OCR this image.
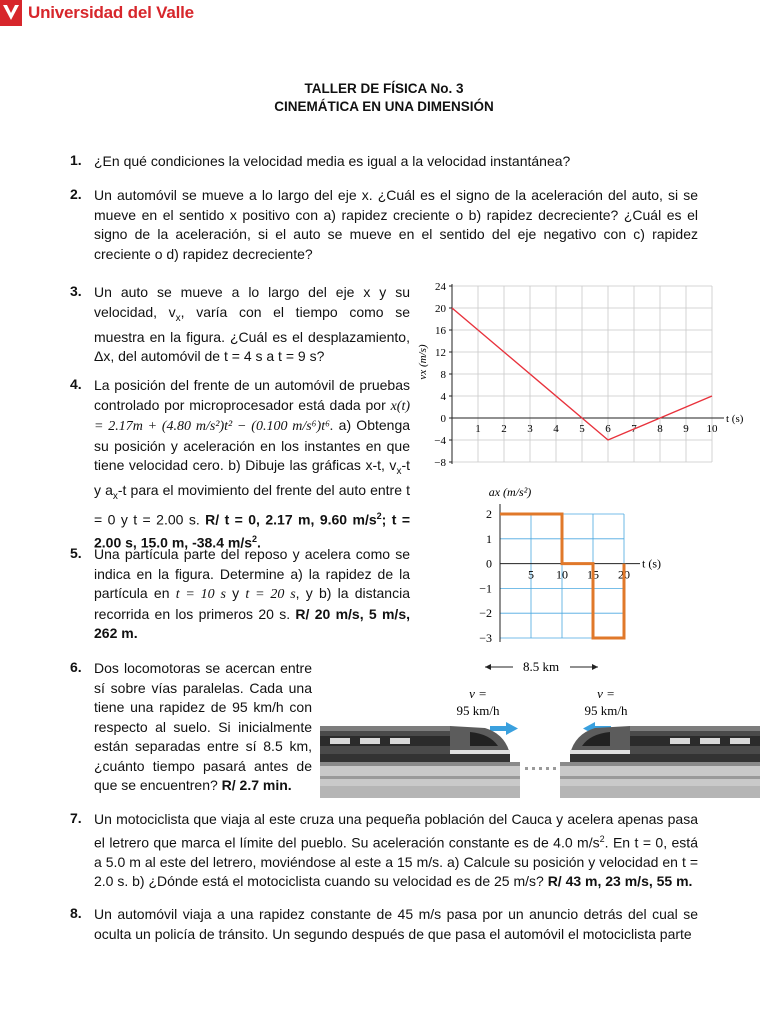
Universidad del Valle
TALLER DE FÍSICA No. 3
CINEMÁTICA EN UNA DIMENSIÓN
1. ¿En qué condiciones la velocidad media es igual a la velocidad instantánea?
2. Un automóvil se mueve a lo largo del eje x. ¿Cuál es el signo de la aceleración del auto, si se mueve en el sentido x positivo con a) rapidez creciente o b) rapidez decreciente? ¿Cuál es el signo de la aceleración, si el auto se mueve en el sentido del eje negativo con c) rapidez creciente o d) rapidez decreciente?
3. Un auto se mueve a lo largo del eje x y su velocidad, $v_x$, varía con el tiempo como se muestra en la figura. ¿Cuál es el desplazamiento, Δx, del automóvil de t = 4 s a t = 9 s?
4. La posición del frente de un automóvil de pruebas controlado por microprocesador está dada por x(t) = 2.17m + (4.80 m/s²)t² − (0.100 m/s⁶)t⁶. a) Obtenga su posición y aceleración en los instantes en que tiene velocidad cero. b) Dibuje las gráficas x-t, $v_x-t$ y $a_x-t$ para el movimiento del frente del auto entre t = 0 y t = 2.00 s. R/ t = 0, 2.17 m, 9.60 $m/s^2$; t = 2.00 s, 15.0 m, -38.4 $m/s^2$.
5. Una partícula parte del reposo y acelera como se indica en la figura. Determine a) la rapidez de la partícula en t = 10 s y t = 20 s, y b) la distancia recorrida en los primeros 20 s. R/ 20 m/s, 5 m/s, 262 m.
6. Dos locomotoras se acercan entre sí sobre vías paralelas. Cada una tiene una rapidez de 95 km/h con respecto al suelo. Si inicialmente están separadas entre sí 8.5 km, ¿cuánto tiempo pasará antes de que se encuentren? R/ 2.7 min.
7. Un motociclista que viaja al este cruza una pequeña población del Cauca y acelera apenas pasa el letrero que marca el límite del pueblo. Su aceleración constante es de 4.0 $m/s^2$. En t = 0, está a 5.0 m al este del letrero, moviéndose al este a 15 m/s. a) Calcule su posición y velocidad en t = 2.0 s. b) ¿Dónde está el motociclista cuando su velocidad es de 25 m/s? R/ 43 m, 23 m/s, 55 m.
8. Un automóvil viaja a una rapidez constante de 45 m/s pasa por un anuncio detrás del cual se oculta un policía de tránsito. Un segundo después de que pasa el automóvil el motociclista parte
24
20
16
12
8
4
0
−4
−8
1 2 3 4 5 6 7 8 9 10
vx (m/s)
t (s)
2
1
0
−1
−2
−3
5 10 15 20
ax (m/s²)
t (s)
8.5 km
v =
95 km/h
v =
95 km/h
